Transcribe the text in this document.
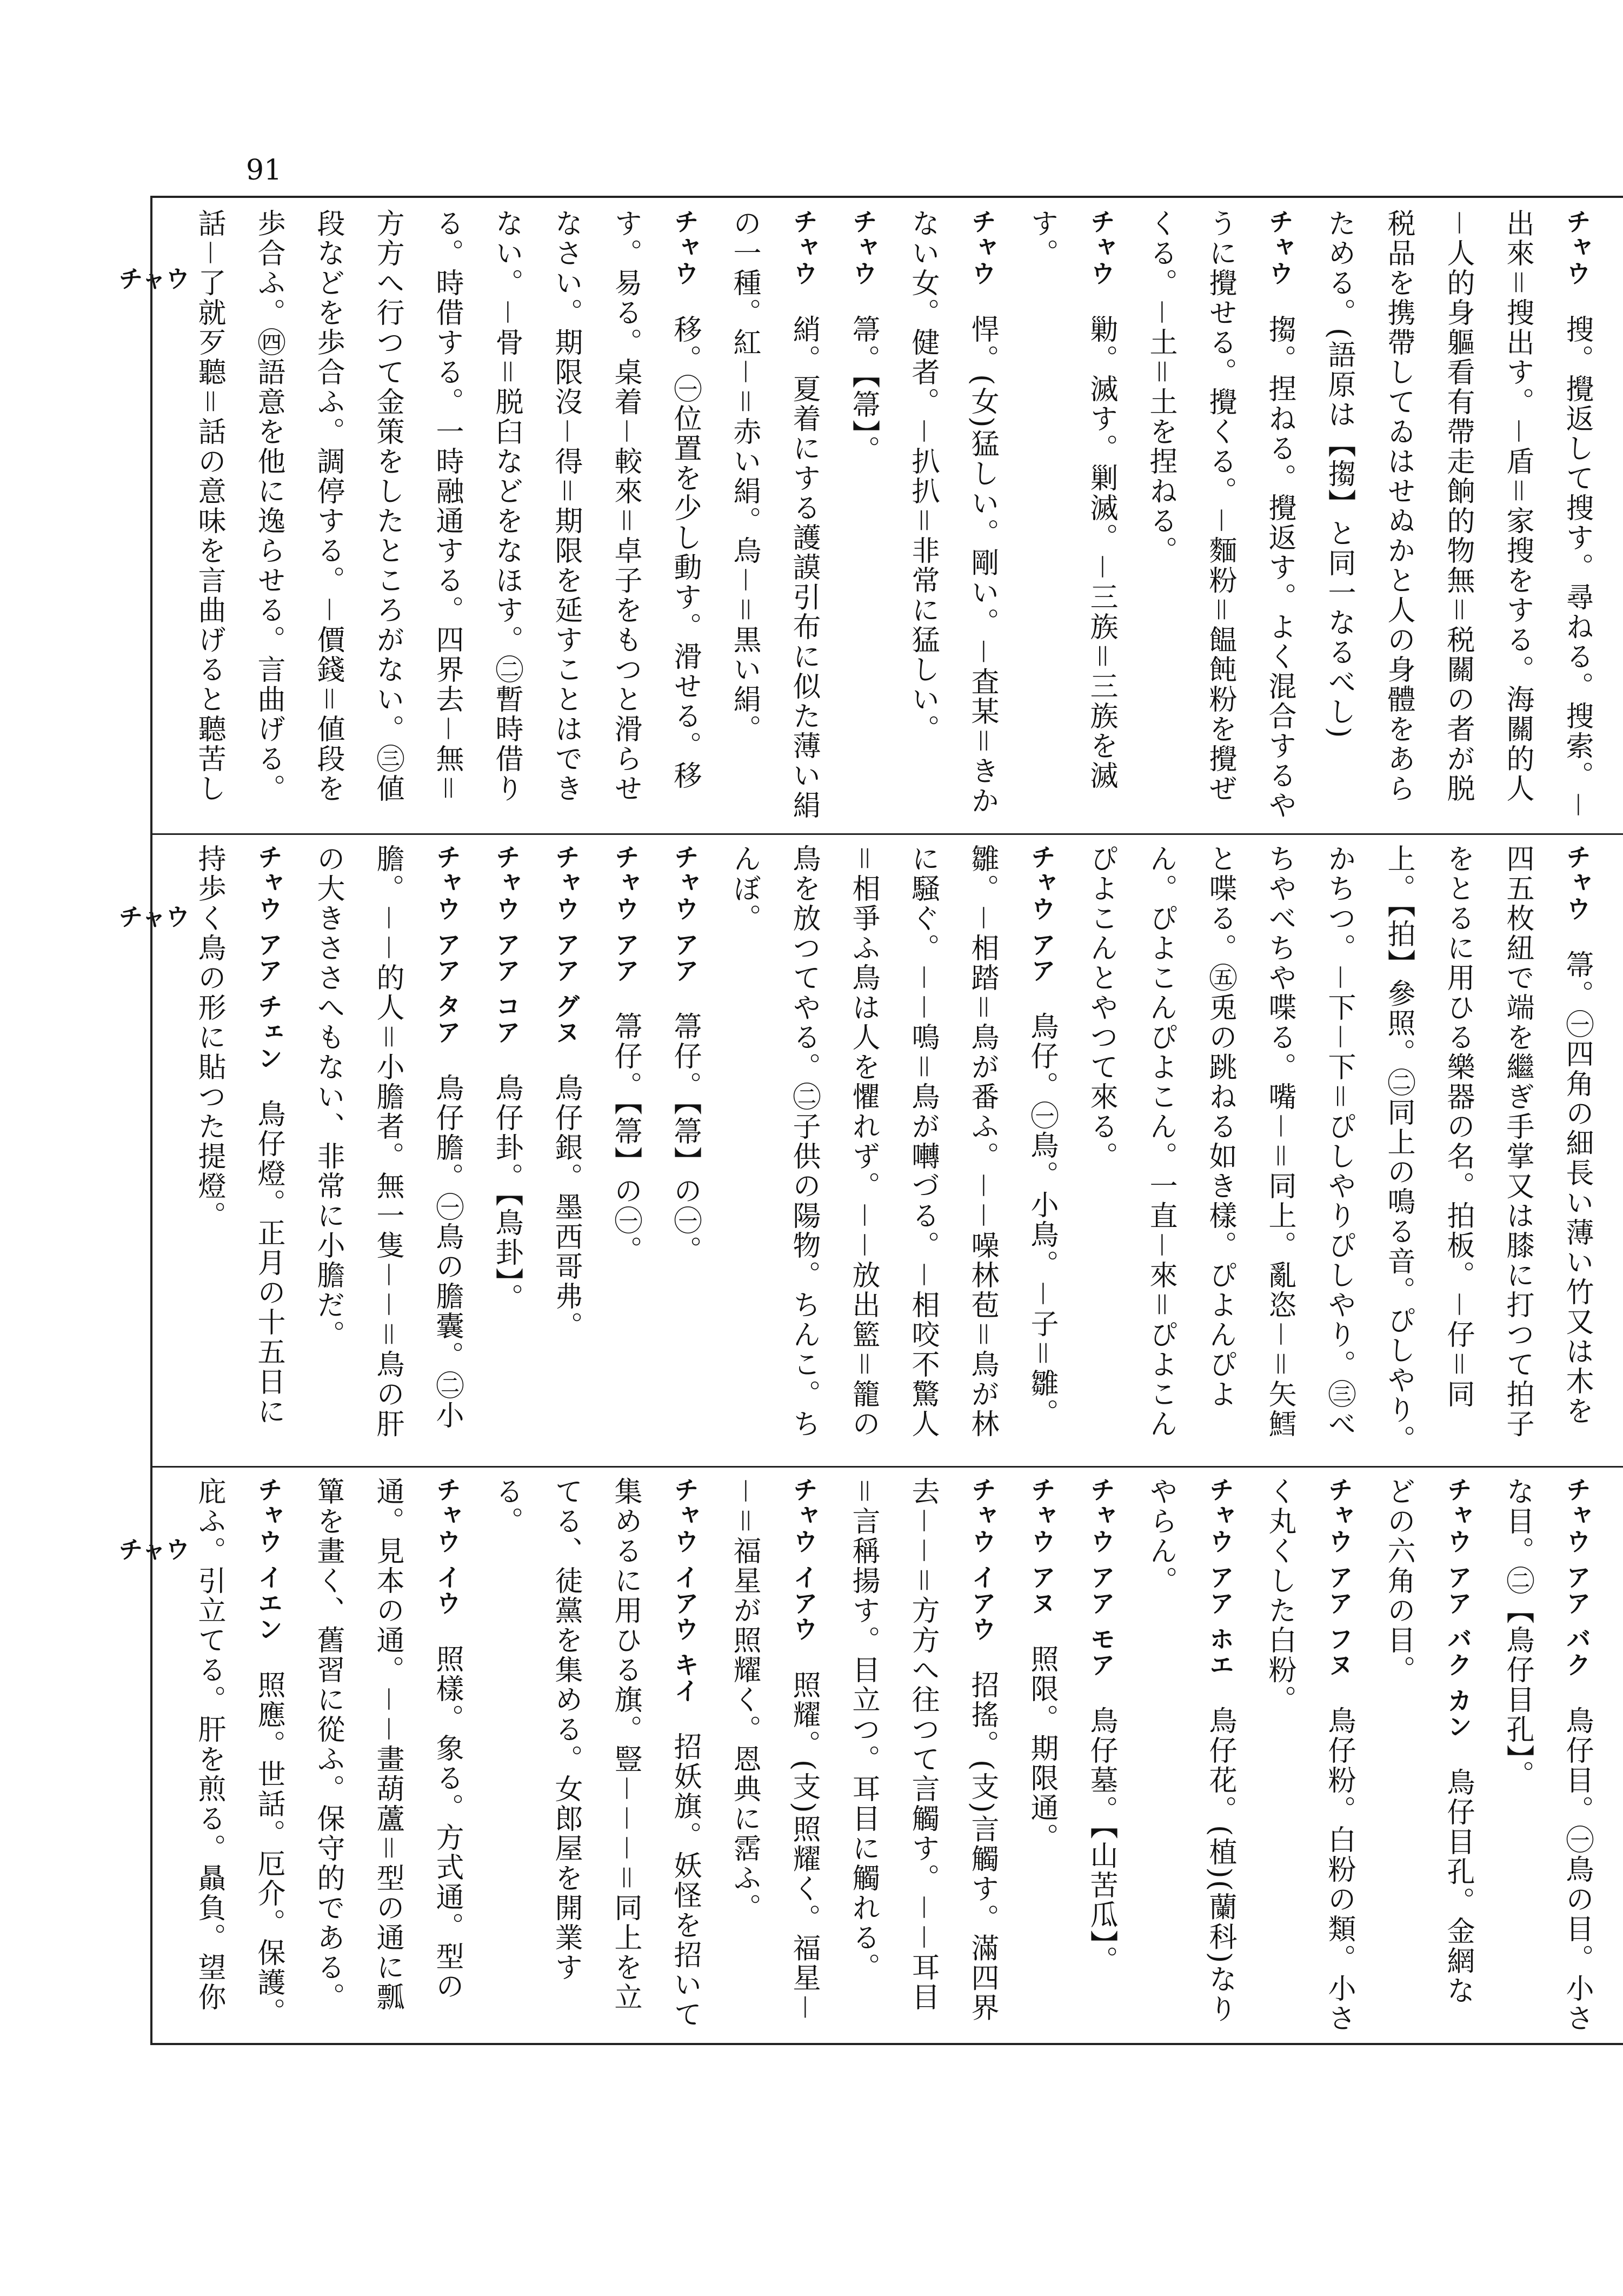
91
チャウ
チャウ
チャウ
チャウ　搜。攪返して搜す。尋ねる。搜索。－出來＝搜出す。－盾＝家搜をする。海關的人－人的身軀看有帶走餉的物無＝税關の者が脱税品を携帶してゐはせぬかと人の身體をあらためる。(語原は【搊】と同一なるべし)
チャウ　搊。捏ねる。攪返す。よく混合するやうに攪せる。攪くる。－麵粉＝饂飩粉を攪ぜくる。－土＝土を捏ねる。
チャウ　勦。滅す。剿滅。－三族＝三族を滅す。
チャウ　悍。(女)猛しい。剛い。－査某＝きかない女。健者。－扒扒＝非常に猛しい。
チャウ　箒。【箒】。
チャウ　綃。夏着にする護謨引布に似た薄い絹の一種。紅－＝赤い絹。烏－＝黒い絹。
チャウ　移。㊀位置を少し動す。滑せる。移す。易る。桌着－較來＝卓子をもつと滑らせなさい。期限沒－得＝期限を延すことはできない。－骨＝脱臼などをなほす。㊁暫時借りる。時借する。一時融通する。四界去－無＝方方へ行つて金策をしたところがない。㊂値段などを歩合ふ。調停する。－價錢＝値段を歩合ふ。㊃語意を他に逸らせる。言曲げる。話－了就歹聽＝話の意味を言曲げると聽苦し
チャウ　箒。㊀四角の細長い薄い竹又は木を四五枚紐で端を繼ぎ手掌又は膝に打つて拍子をとるに用ひる樂器の名。拍板。－仔＝同上。【拍】參照。㊁同上の鳴る音。ぴしやり。かちつ。－下－下＝ぴしやりぴしやり。㊂べちやべちや喋る。嘴－＝同上。亂恣－＝矢鱈と喋る。㊄兎の跳ねる如き樣。ぴよんぴよん。ぴよこんぴよこん。一直－來＝ぴよこんぴよこんとやつて來る。
チャウ アア　鳥仔。㊀鳥。小鳥。－子＝雛。雛。－相踏＝鳥が番ふ。－－噪林苞＝鳥が林に騒ぐ。－－鳴＝鳥が囀づる。－相咬不驚人＝相爭ふ鳥は人を懼れず。－－放出籃＝籠の鳥を放つてやる。㊁子供の陽物。ちんこ。ちんぼ。
チャウ アア　箒仔。【箒】の㊀。
チャウ アア　箒仔。【箒】の㊀。
チャウ アア グヌ　鳥仔銀。墨西哥弗。
チャウ アア コア　鳥仔卦。【鳥卦】。
チャウ アア タア　鳥仔膽。㊀鳥の膽囊。㊁小膽。－－的人＝小膽者。無一隻－－＝鳥の肝の大きささへもない、非常に小膽だ。
チャウ アア チェン　鳥仔燈。正月の十五日に持歩く鳥の形に貼つた提燈。
チャウ アア バク　鳥仔目。㊀鳥の目。小さな目。㊁【鳥仔目孔】。
チャウ アア バク カン　鳥仔目孔。金網などの六角の目。
チャウ アア フヌ　鳥仔粉。白粉の類。小さく丸くした白粉。
チャウ アア ホエ　鳥仔花。(植)(蘭科)なりやらん。
チャウ アア モア　鳥仔墓。【山苦瓜】。
チャウ アヌ　照限。期限通。
チャウ イアウ　招搖。(支)言觸す。滿四界去－－＝方方へ往つて言觸す。－－耳目＝言稱揚す。目立つ。耳目に觸れる。
チャウ イアウ　照耀。(支)照耀く。福星－－＝福星が照耀く。恩典に霑ふ。
チャウ イアウ キイ　招妖旗。妖怪を招いて集めるに用ひる旗。豎－－－＝同上を立てる、徒黨を集める。女郎屋を開業する。
チャウ イウ　照樣。象る。方式通。型の通。見本の通。－－畫葫蘆＝型の通に瓢簞を畫く、舊習に從ふ。保守的である。
チャウ イエン　照應。世話。厄介。保護。庇ふ。引立てる。肝を煎る。贔負。望你
